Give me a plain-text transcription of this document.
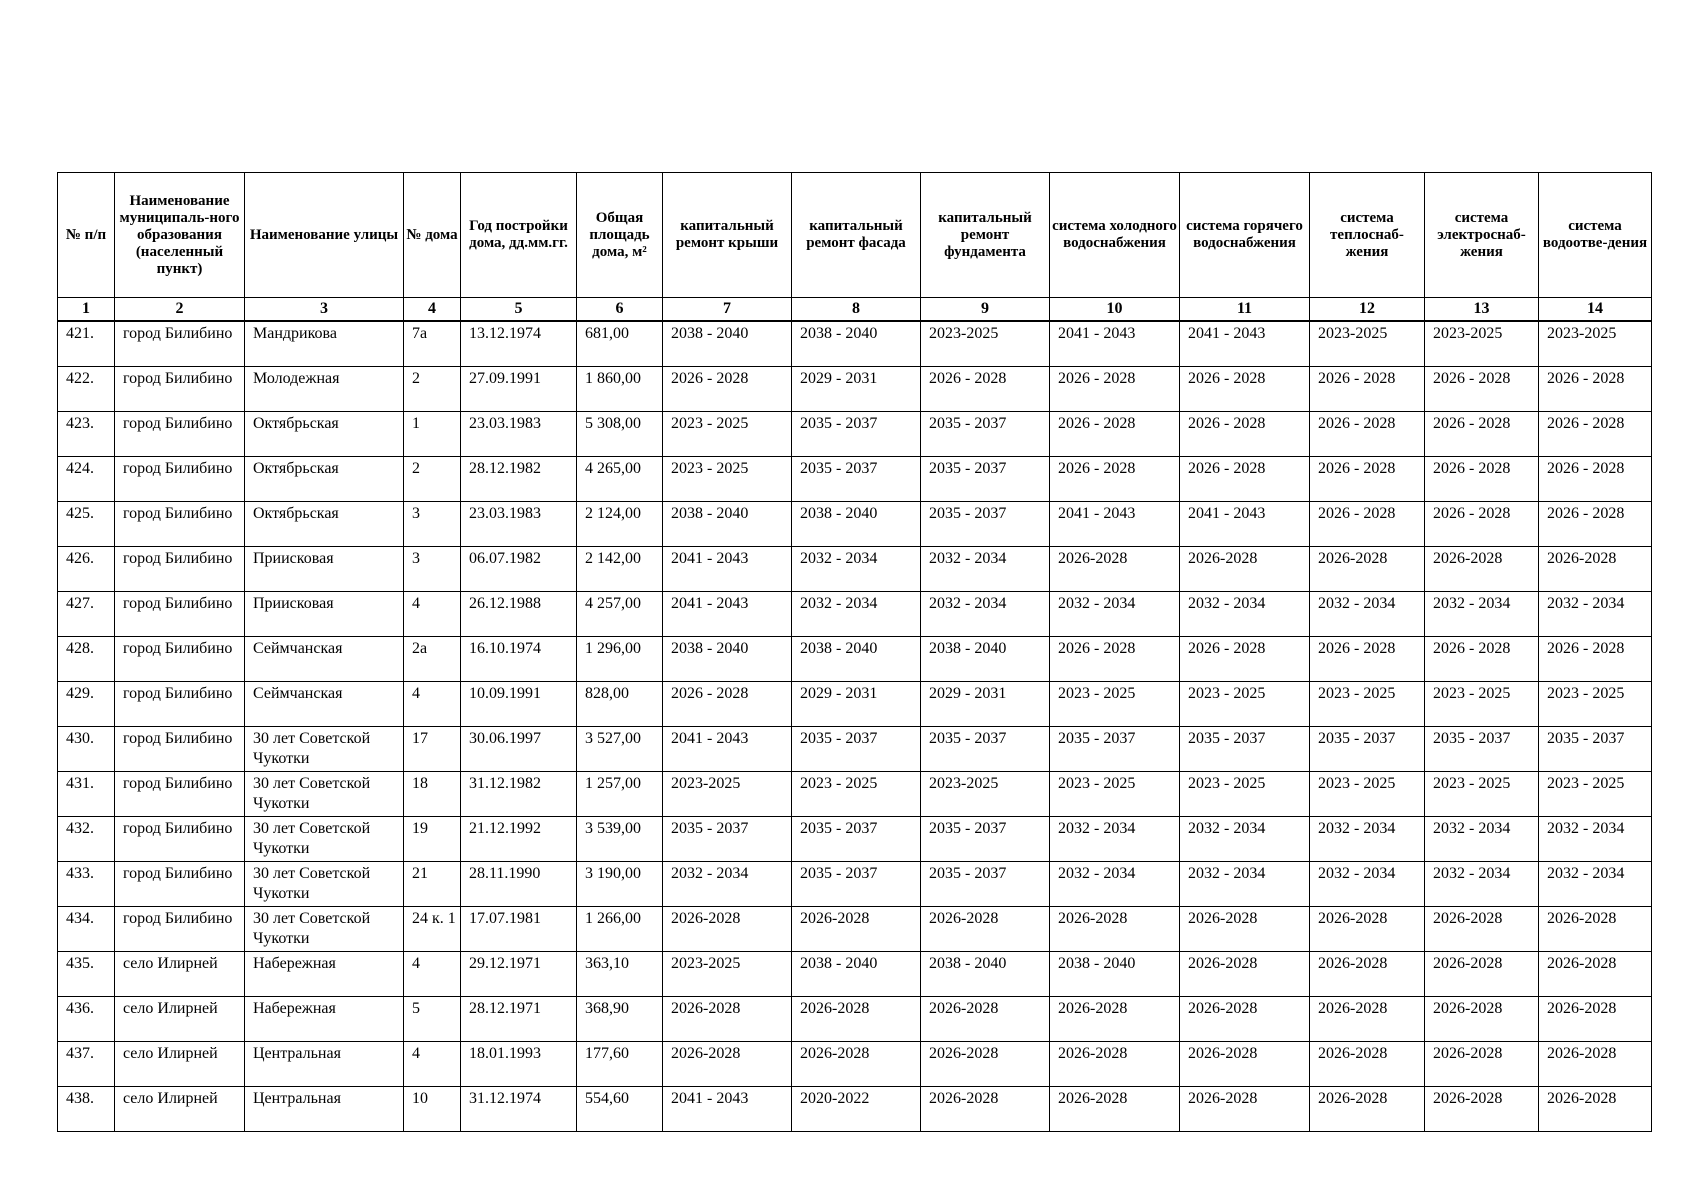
№ п/п	Наименование муниципаль-ного образования (населенный пункт)	Наименование улицы	№ дома	Год постройки дома, дд.мм.гг.	Общая площадь дома, м²	капитальный ремонт крыши	капитальный ремонт фасада	капитальный ремонт фундамента	система холодного водоснабжения	система горячего водоснабжения	система теплоснаб-жения	система электроснаб-жения	система водоотве-дения
1	2	3	4	5	6	7	8	9	10	11	12	13	14
421.	город Билибино	Мандрикова	7а	13.12.1974	681,00	2038 - 2040	2038 - 2040	2023-2025	2041 - 2043	2041 - 2043	2023-2025	2023-2025	2023-2025
422.	город Билибино	Молодежная	2	27.09.1991	1 860,00	2026 - 2028	2029 - 2031	2026 - 2028	2026 - 2028	2026 - 2028	2026 - 2028	2026 - 2028	2026 - 2028
423.	город Билибино	Октябрьская	1	23.03.1983	5 308,00	2023 - 2025	2035 - 2037	2035 - 2037	2026 - 2028	2026 - 2028	2026 - 2028	2026 - 2028	2026 - 2028
424.	город Билибино	Октябрьская	2	28.12.1982	4 265,00	2023 - 2025	2035 - 2037	2035 - 2037	2026 - 2028	2026 - 2028	2026 - 2028	2026 - 2028	2026 - 2028
425.	город Билибино	Октябрьская	3	23.03.1983	2 124,00	2038 - 2040	2038 - 2040	2035 - 2037	2041 - 2043	2041 - 2043	2026 - 2028	2026 - 2028	2026 - 2028
426.	город Билибино	Приисковая	3	06.07.1982	2 142,00	2041 - 2043	2032 - 2034	2032 - 2034	2026-2028	2026-2028	2026-2028	2026-2028	2026-2028
427.	город Билибино	Приисковая	4	26.12.1988	4 257,00	2041 - 2043	2032 - 2034	2032 - 2034	2032 - 2034	2032 - 2034	2032 - 2034	2032 - 2034	2032 - 2034
428.	город Билибино	Сеймчанская	2а	16.10.1974	1 296,00	2038 - 2040	2038 - 2040	2038 - 2040	2026 - 2028	2026 - 2028	2026 - 2028	2026 - 2028	2026 - 2028
429.	город Билибино	Сеймчанская	4	10.09.1991	828,00	2026 - 2028	2029 - 2031	2029 - 2031	2023 - 2025	2023 - 2025	2023 - 2025	2023 - 2025	2023 - 2025
430.	город Билибино	30 лет Советской Чукотки	17	30.06.1997	3 527,00	2041 - 2043	2035 - 2037	2035 - 2037	2035 - 2037	2035 - 2037	2035 - 2037	2035 - 2037	2035 - 2037
431.	город Билибино	30 лет Советской Чукотки	18	31.12.1982	1 257,00	2023-2025	2023 - 2025	2023-2025	2023 - 2025	2023 - 2025	2023 - 2025	2023 - 2025	2023 - 2025
432.	город Билибино	30 лет Советской Чукотки	19	21.12.1992	3 539,00	2035 - 2037	2035 - 2037	2035 - 2037	2032 - 2034	2032 - 2034	2032 - 2034	2032 - 2034	2032 - 2034
433.	город Билибино	30 лет Советской Чукотки	21	28.11.1990	3 190,00	2032 - 2034	2035 - 2037	2035 - 2037	2032 - 2034	2032 - 2034	2032 - 2034	2032 - 2034	2032 - 2034
434.	город Билибино	30 лет Советской Чукотки	24 к. 1	17.07.1981	1 266,00	2026-2028	2026-2028	2026-2028	2026-2028	2026-2028	2026-2028	2026-2028	2026-2028
435.	село Илирней	Набережная	4	29.12.1971	363,10	2023-2025	2038 - 2040	2038 - 2040	2038 - 2040	2026-2028	2026-2028	2026-2028	2026-2028
436.	село Илирней	Набережная	5	28.12.1971	368,90	2026-2028	2026-2028	2026-2028	2026-2028	2026-2028	2026-2028	2026-2028	2026-2028
437.	село Илирней	Центральная	4	18.01.1993	177,60	2026-2028	2026-2028	2026-2028	2026-2028	2026-2028	2026-2028	2026-2028	2026-2028
438.	село Илирней	Центральная	10	31.12.1974	554,60	2041 - 2043	2020-2022	2026-2028	2026-2028	2026-2028	2026-2028	2026-2028	2026-2028
